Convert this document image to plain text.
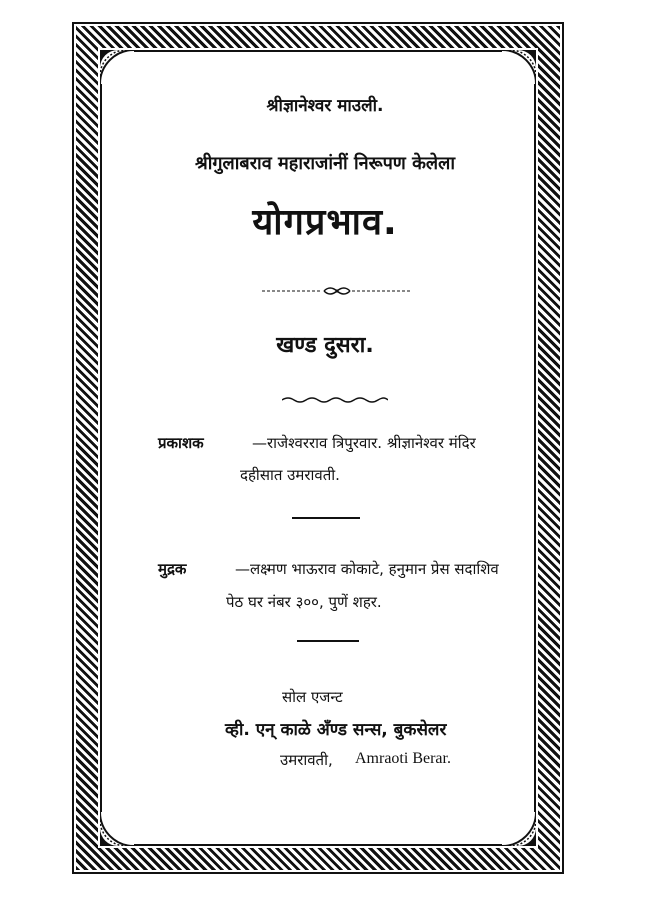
श्रीज्ञानेश्वर माउली.
श्रीगुलाबराव महाराजांनीं निरूपण केलेला
योगप्रभाव.
खण्ड दुसरा.
प्रकाशक	—राजेश्वरराव त्रिपुरवार. श्रीज्ञानेश्वर मंदिर
दहीसात उमरावती.
मुद्रक	—लक्ष्मण भाऊराव कोकाटे, हनुमान प्रेस सदाशिव
पेठ घर नंबर ३००, पुणें शहर.
सोल एजन्ट
व्ही. एन् काळे अँण्ड सन्स, बुकसेलर
उमरावती, Amraoti Berar.
